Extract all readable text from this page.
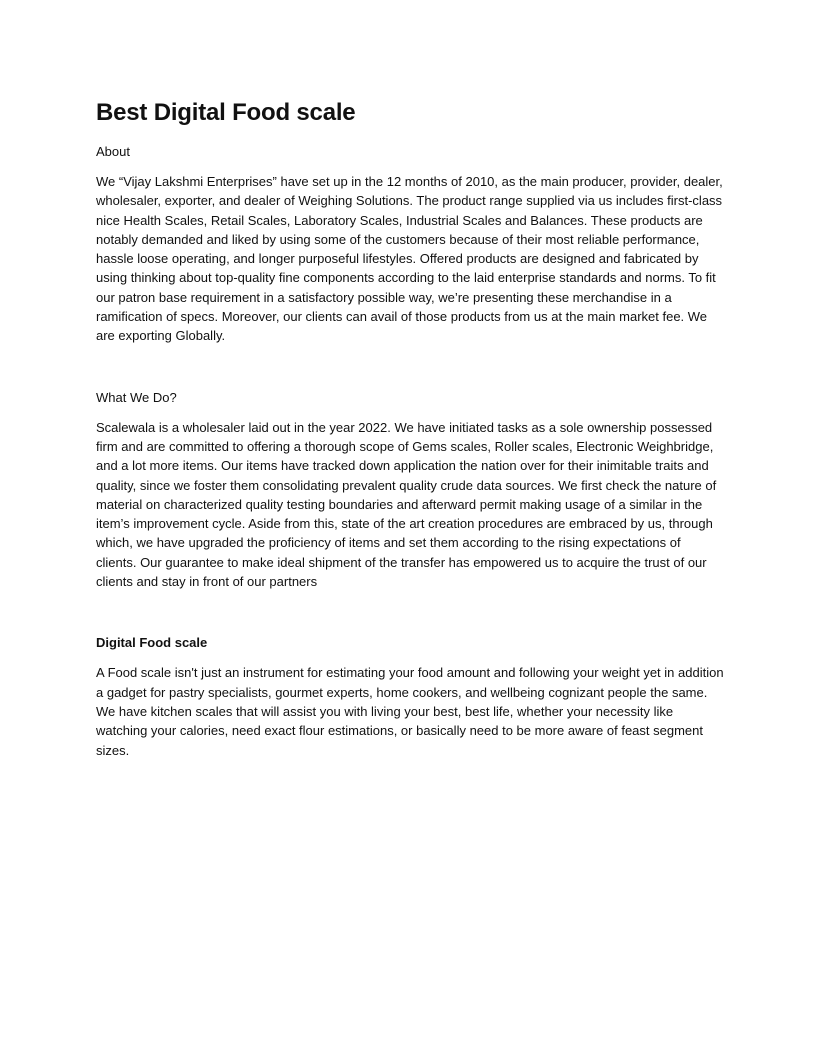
Best Digital Food scale
About

We “Vijay Lakshmi Enterprises” have set up in the 12 months of 2010, as the main producer, provider, dealer, wholesaler, exporter, and dealer of Weighing Solutions. The product range supplied via us includes first-class nice Health Scales, Retail Scales, Laboratory Scales, Industrial Scales and Balances. These products are notably demanded and liked by using some of the customers because of their most reliable performance, hassle loose operating, and longer purposeful lifestyles. Offered products are designed and fabricated by using thinking about top-quality fine components according to the laid enterprise standards and norms. To fit our patron base requirement in a satisfactory possible way, we’re presenting these merchandise in a ramification of specs. Moreover, our clients can avail of those products from us at the main market fee. We are exporting Globally.

What We Do?

Scalewala is a wholesaler laid out in the year 2022. We have initiated tasks as a sole ownership possessed firm and are committed to offering a thorough scope of Gems scales, Roller scales, Electronic Weighbridge, and a lot more items. Our items have tracked down application the nation over for their inimitable traits and quality, since we foster them consolidating prevalent quality crude data sources. We first check the nature of material on characterized quality testing boundaries and afterward permit making usage of a similar in the item’s improvement cycle. Aside from this, state of the art creation procedures are embraced by us, through which, we have upgraded the proficiency of items and set them according to the rising expectations of clients. Our guarantee to make ideal shipment of the transfer has empowered us to acquire the trust of our clients and stay in front of our partners

Digital Food scale

A Food scale isn't just an instrument for estimating your food amount and following your weight yet in addition a gadget for pastry specialists, gourmet experts, home cookers, and wellbeing cognizant people the same. We have kitchen scales that will assist you with living your best, best life, whether your necessity like watching your calories, need exact flour estimations, or basically need to be more aware of feast segment sizes.
